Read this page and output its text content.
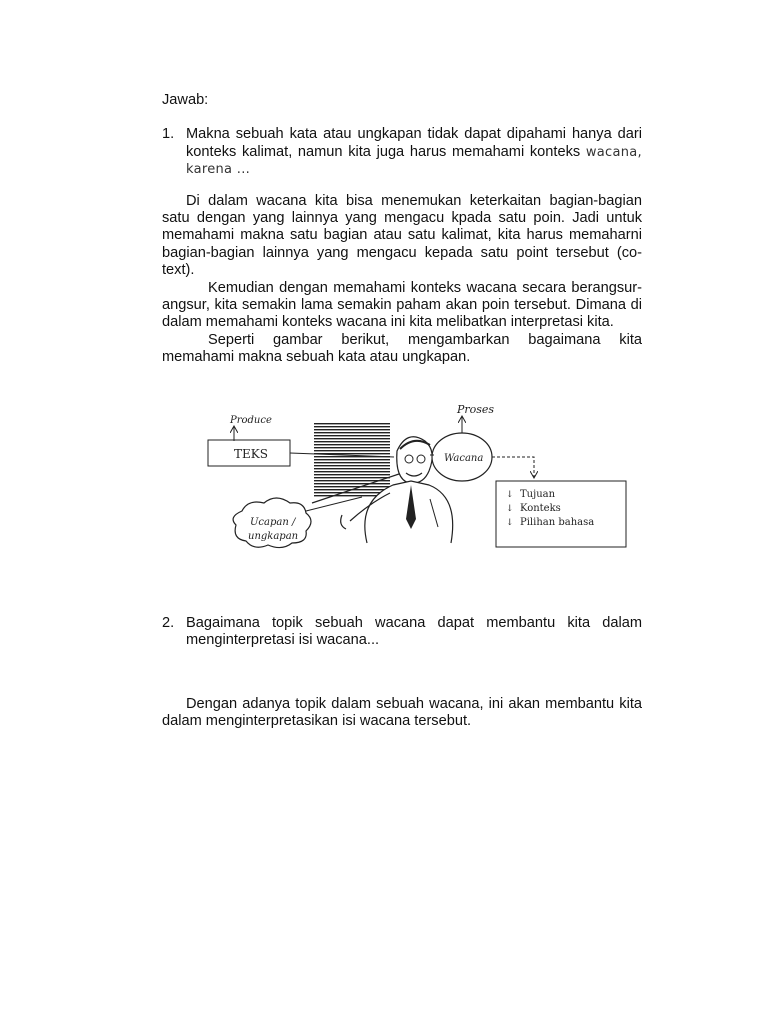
Jawab:

1. Makna sebuah kata atau ungkapan tidak dapat dipahami hanya dari konteks kalimat, namun kita juga harus memahami konteks wacana, karena ...

Di dalam wacana kita bisa menemukan keterkaitan bagian-bagian satu dengan yang lainnya yang mengacu kpada satu poin. Jadi untuk memahami makna satu bagian atau satu kalimat, kita harus memaharni bagian-bagian lainnya yang mengacu kepada satu point tersebut (co-text).

Kemudian dengan memahami konteks wacana secara berangsur-angsur, kita semakin lama semakin paham akan poin tersebut. Dimana di dalam memahami konteks wacana ini kita melibatkan interpretasi kita.

Seperti gambar berikut, mengambarkan bagaimana kita memahami makna sebuah kata atau ungkapan.

Produce
TEKS
Proses
Wacana
↓ Tujuan
↓ Konteks
↓ Pilihan bahasa
Ucapan /
ungkapan
2. Bagaimana topik sebuah wacana dapat membantu kita dalam menginterpretasi isi wacana...

Dengan adanya topik dalam sebuah wacana, ini akan membantu kita dalam menginterpretasikan isi wacana tersebut.
